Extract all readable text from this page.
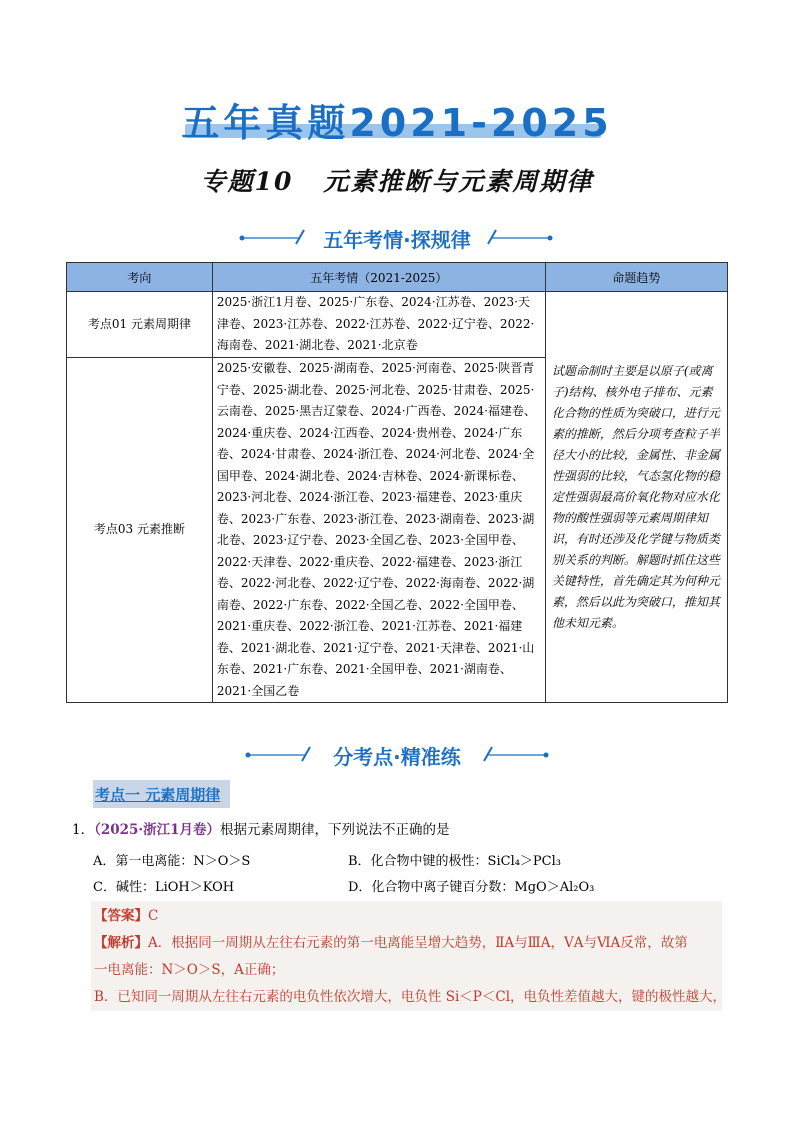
五年真题2021-2025
专题10 元素推断与元素周期律
五年考情·探规律
考向	五年考情（2021-2025）	命题趋势
考点01 元素周期律	2025·浙江1月卷、2025·广东卷、2024·江苏卷、2023·天津卷、2023·江苏卷、2022·江苏卷、2022·辽宁卷、2022·海南卷、2021·湖北卷、2021·北京卷	试题命制时主要是以原子(或离子)结构、核外电子排布、元素化合物的性质为突破口，进行元素的推断，然后分项考查粒子半径大小的比较，金属性、非金属性强弱的比较，气态氢化物的稳定性强弱最高价氧化物对应水化物的酸性强弱等元素周期律知识，有时还涉及化学键与物质类别关系的判断。解题时抓住这些关键特性，首先确定其为何种元素，然后以此为突破口，推知其他未知元素。
考点03 元素推断	2025·安徽卷、2025·湖南卷、2025·河南卷、2025·陕晋青宁卷、2025·湖北卷、2025·河北卷、2025·甘肃卷、2025·云南卷、2025·黑吉辽蒙卷、2024·广西卷、2024·福建卷、2024·重庆卷、2024·江西卷、2024·贵州卷、2024·广东卷、2024·甘肃卷、2024·浙江卷、2024·河北卷、2024·全国甲卷、2024·湖北卷、2024·吉林卷、2024·新课标卷、2023·河北卷、2024·浙江卷、2023·福建卷、2023·重庆卷、2023·广东卷、2023·浙江卷、2023·湖南卷、2023·湖北卷、2023·辽宁卷、2023·全国乙卷、2023·全国甲卷、2022·天津卷、2022·重庆卷、2022·福建卷、2023·浙江卷、2022·河北卷、2022·辽宁卷、2022·海南卷、2022·湖南卷、2022·广东卷、2022·全国乙卷、2022·全国甲卷、2021·重庆卷、2022·浙江卷、2021·江苏卷、2021·福建卷、2021·湖北卷、2021·辽宁卷、2021·天津卷、2021·山东卷、2021·广东卷、2021·全国甲卷、2021·湖南卷、2021·全国乙卷	
分考点·精准练
考点一 元素周期律
1．（2025·浙江1月卷）根据元素周期律，下列说法不正确的是
A．第一电离能：N＞O＞S	B．化合物中键的极性：SiCl₄＞PCl₃
C．碱性：LiOH＞KOH	D．化合物中离子键百分数：MgO＞Al₂O₃
【答案】C
【解析】A．根据同一周期从左往右元素的第一电离能呈增大趋势，ⅡA与ⅢA，ⅤA与ⅥA反常，故第
一电离能：N＞O＞S，A正确；
B．已知同一周期从左往右元素的电负性依次增大，电负性 Si＜P＜Cl，电负性差值越大，键的极性越大，
